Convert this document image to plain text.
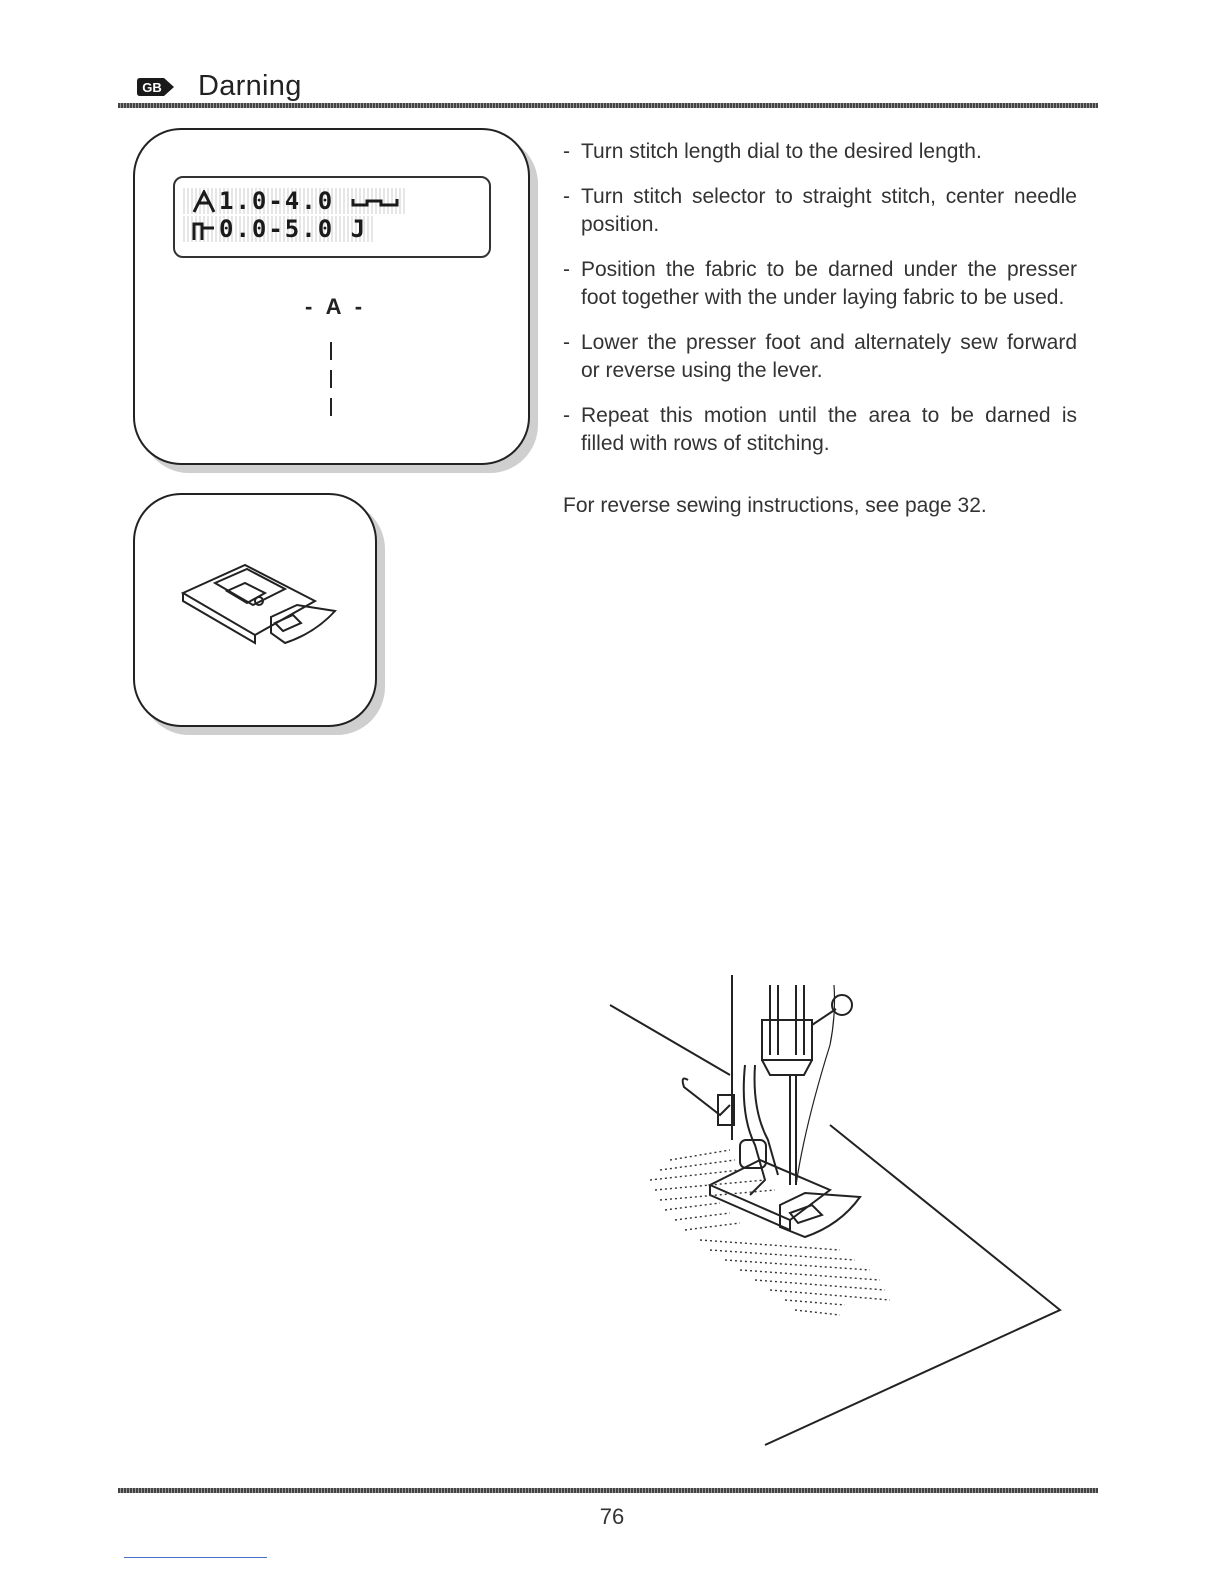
GB Darning
1.0-4.0
0.0-5.0 J
- A -
- Turn stitch length dial to the desired length.
- Turn stitch selector to straight stitch, center needle position.
- Position the fabric to be darned under the presser foot together with the under laying fabric to be used.
- Lower the presser foot and alternately sew forward or reverse using the lever.
- Repeat this motion until the area to be darned is filled with rows of stitching.
For reverse sewing instructions, see page 32.
76
